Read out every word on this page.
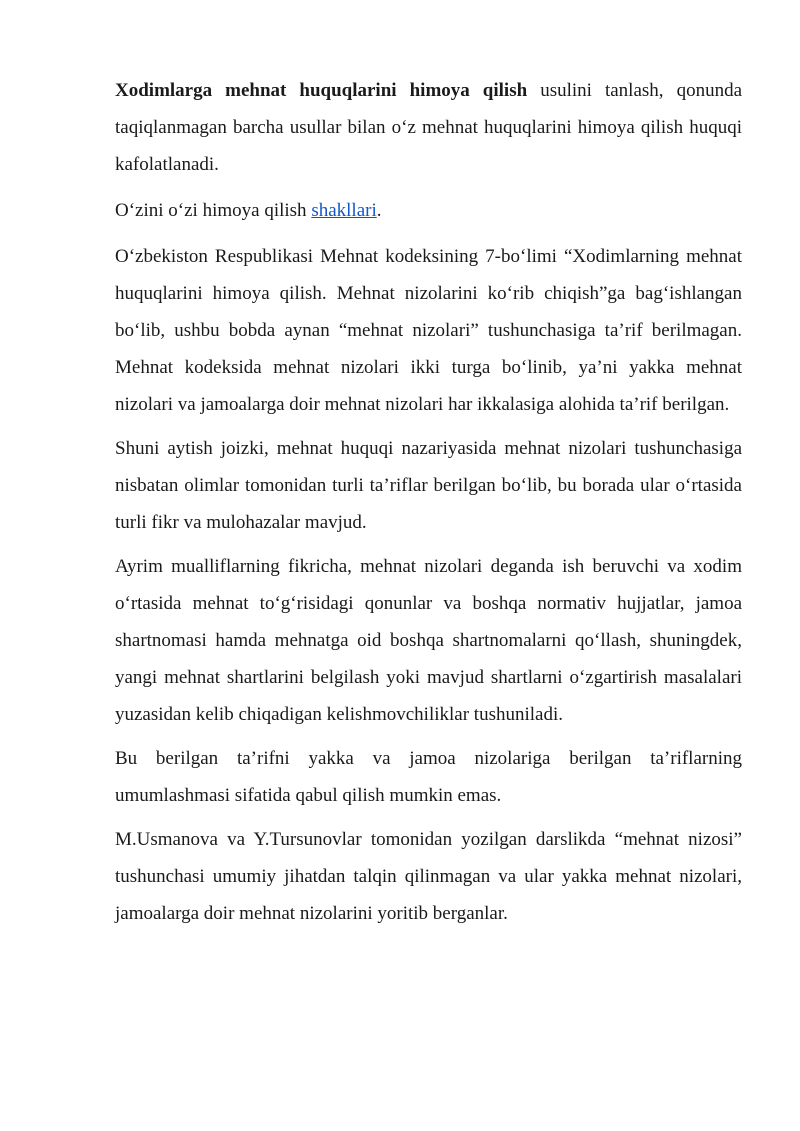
Xodimlarga mehnat huquqlarini himoya qilish usulini tanlash, qonunda taqiqlanmagan barcha usullar bilan o‘z mehnat huquqlarini himoya qilish huquqi kafolatlanadi.

O‘zini o‘zi himoya qilish shakllari.

O‘zbekiston Respublikasi Mehnat kodeksining 7-bo‘limi “Xodimlarning mehnat huquqlarini himoya qilish. Mehnat nizolarini ko‘rib chiqish”ga bag‘ishlangan bo‘lib, ushbu bobda aynan “mehnat nizolari” tushunchasiga ta’rif berilmagan. Mehnat kodeksida mehnat nizolari ikki turga bo‘linib, ya’ni yakka mehnat nizolari va jamoalarga doir mehnat nizolari har ikkalasiga alohida ta’rif berilgan.

Shuni aytish joizki, mehnat huquqi nazariyasida mehnat nizolari tushunchasiga nisbatan olimlar tomonidan turli ta’riflar berilgan bo‘lib, bu borada ular o‘rtasida turli fikr va mulohazalar mavjud.

Ayrim mualliflarning fikricha, mehnat nizolari deganda ish beruvchi va xodim o‘rtasida mehnat to‘g‘risidagi qonunlar va boshqa normativ hujjatlar, jamoa shartnomasi hamda mehnatga oid boshqa shartnomalarni qo‘llash, shuningdek, yangi mehnat shartlarini belgilash yoki mavjud shartlarni o‘zgartirish masalalari yuzasidan kelib chiqadigan kelishmovchiliklar tushuniladi.

Bu berilgan ta’rifni yakka va jamoa nizolariga berilgan ta’riflarning umumlashmasi sifatida qabul qilish mumkin emas.

M.Usmanova va Y.Tursunovlar tomonidan yozilgan darslikda “mehnat nizosi” tushunchasi umumiy jihatdan talqin qilinmagan va ular yakka mehnat nizolari, jamoalarga doir mehnat nizolarini yoritib berganlar.
